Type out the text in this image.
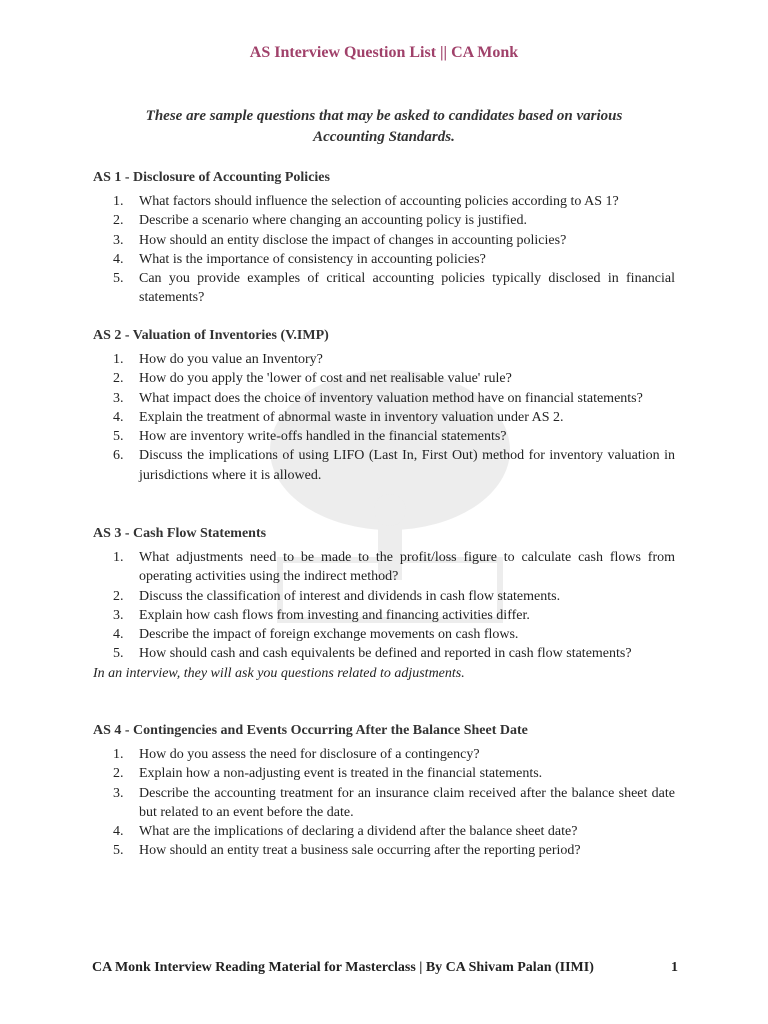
AS Interview Question List || CA Monk

These are sample questions that may be asked to candidates based on various Accounting Standards.

AS 1 - Disclosure of Accounting Policies
1. What factors should influence the selection of accounting policies according to AS 1?
2. Describe a scenario where changing an accounting policy is justified.
3. How should an entity disclose the impact of changes in accounting policies?
4. What is the importance of consistency in accounting policies?
5. Can you provide examples of critical accounting policies typically disclosed in financial statements?
AS 2 - Valuation of Inventories (V.IMP)
1. How do you value an Inventory?
2. How do you apply the 'lower of cost and net realisable value' rule?
3. What impact does the choice of inventory valuation method have on financial statements?
4. Explain the treatment of abnormal waste in inventory valuation under AS 2.
5. How are inventory write-offs handled in the financial statements?
6. Discuss the implications of using LIFO (Last In, First Out) method for inventory valuation in jurisdictions where it is allowed.
AS 3 - Cash Flow Statements
1. What adjustments need to be made to the profit/loss figure to calculate cash flows from operating activities using the indirect method?
2. Discuss the classification of interest and dividends in cash flow statements.
3. Explain how cash flows from investing and financing activities differ.
4. Describe the impact of foreign exchange movements on cash flows.
5. How should cash and cash equivalents be defined and reported in cash flow statements?

In an interview, they will ask you questions related to adjustments.

AS 4 - Contingencies and Events Occurring After the Balance Sheet Date
1. How do you assess the need for disclosure of a contingency?
2. Explain how a non-adjusting event is treated in the financial statements.
3. Describe the accounting treatment for an insurance claim received after the balance sheet date but related to an event before the date.
4. What are the implications of declaring a dividend after the balance sheet date?
5. How should an entity treat a business sale occurring after the reporting period?
CA Monk Interview Reading Material for Masterclass | By CA Shivam Palan (IIMI)	1
